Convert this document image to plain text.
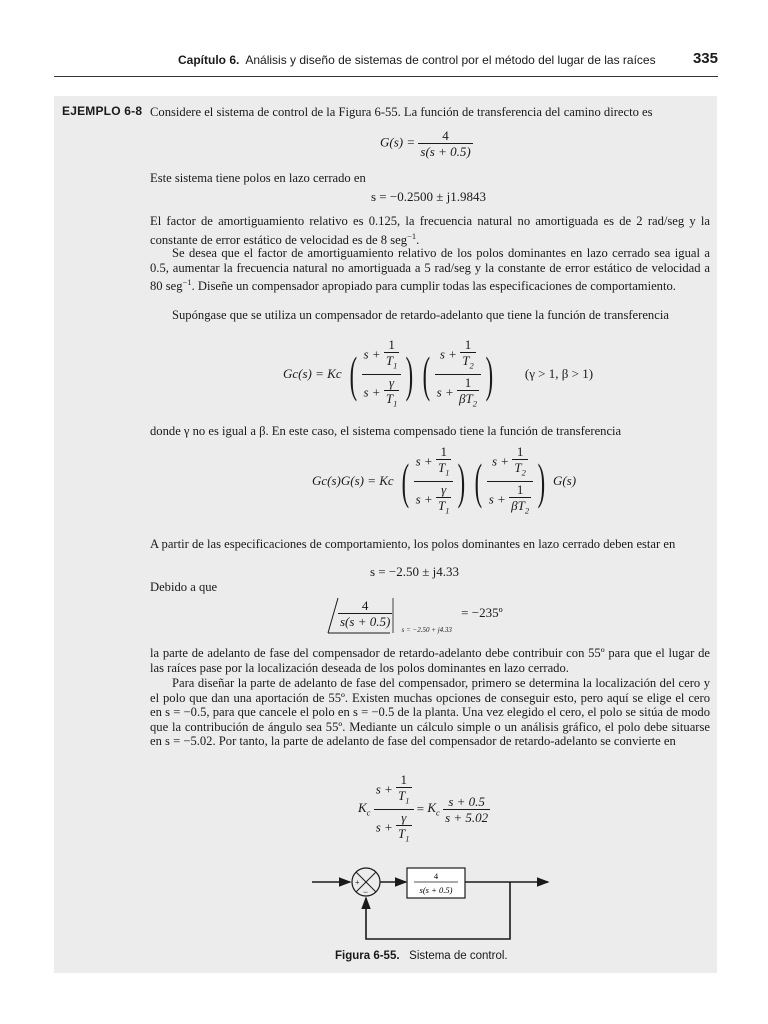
Capítulo 6. Análisis y diseño de sistemas de control por el método del lugar de las raíces 335
EJEMPLO 6-8 Considere el sistema de control de la Figura 6-55. La función de transferencia del camino directo es
$G(s) = \frac{4}{s(s + 0.5)}$
Este sistema tiene polos en lazo cerrado en
s = −0.2500 ± j1.9843
El factor de amortiguamiento relativo es 0.125, la frecuencia natural no amortiguada es de 2 rad/seg y la constante de error estático de velocidad es de 8 seg$^{-1}$.
Se desea que el factor de amortiguamiento relativo de los polos dominantes en lazo cerrado sea igual a 0.5, aumentar la frecuencia natural no amortiguada a 5 rad/seg y la constante de error estático de velocidad a 80 seg$^{-1}$. Diseñe un compensador apropiado para cumplir todas las especificaciones de comportamiento.
Supóngase que se utiliza un compensador de retardo-adelanto que tiene la función de transferencia
Gc(s) = Kc ( $\frac{s + \frac{1}{T_1}}{s + \frac{\gamma}{T_1}}$ ) ( $\frac{s + \frac{1}{T_2}}{s + \frac{1}{\beta T_2}}$ ) (γ > 1, β > 1)
donde γ no es igual a β. En este caso, el sistema compensado tiene la función de transferencia
Gc(s)G(s) = Kc ( $\frac{s + \frac{1}{T_1}}{s + \frac{\gamma}{T_1}}$ ) ( $\frac{s + \frac{1}{T_2}}{s + \frac{1}{\beta T_2}}$ ) G(s)
A partir de las especificaciones de comportamiento, los polos dominantes en lazo cerrado deben estar en
s = −2.50 ± j4.33
Debido a que
$\frac{4}{s(s + 0.5)}$
$_{s = -2.50 + j4.33}$ = −235º
la parte de adelanto de fase del compensador de retardo-adelanto debe contribuir con 55º para que el lugar de las raíces pase por la localización deseada de los polos dominantes en lazo cerrado.
Para diseñar la parte de adelanto de fase del compensador, primero se determina la localización del cero y el polo que dan una aportación de 55º. Existen muchas opciones de conseguir esto, pero aquí se elige el cero en s = −0.5, para que cancele el polo en s = −0.5 de la planta. Una vez elegido el cero, el polo se sitúa de modo que la contribución de ángulo sea 55º. Mediante un cálculo simple o un análisis gráfico, el polo debe situarse en s = −5.02. Por tanto, la parte de adelanto de fase del compensador de retardo-adelanto se convierte en
$K_c \frac{s + \frac{1}{T_1}}{s + \frac{\gamma}{T_1}} = K_c \frac{s + 0.5}{s + 5.02}$
+
−
4
s(s + 0.5)
Figura 6-55. Sistema de control.
